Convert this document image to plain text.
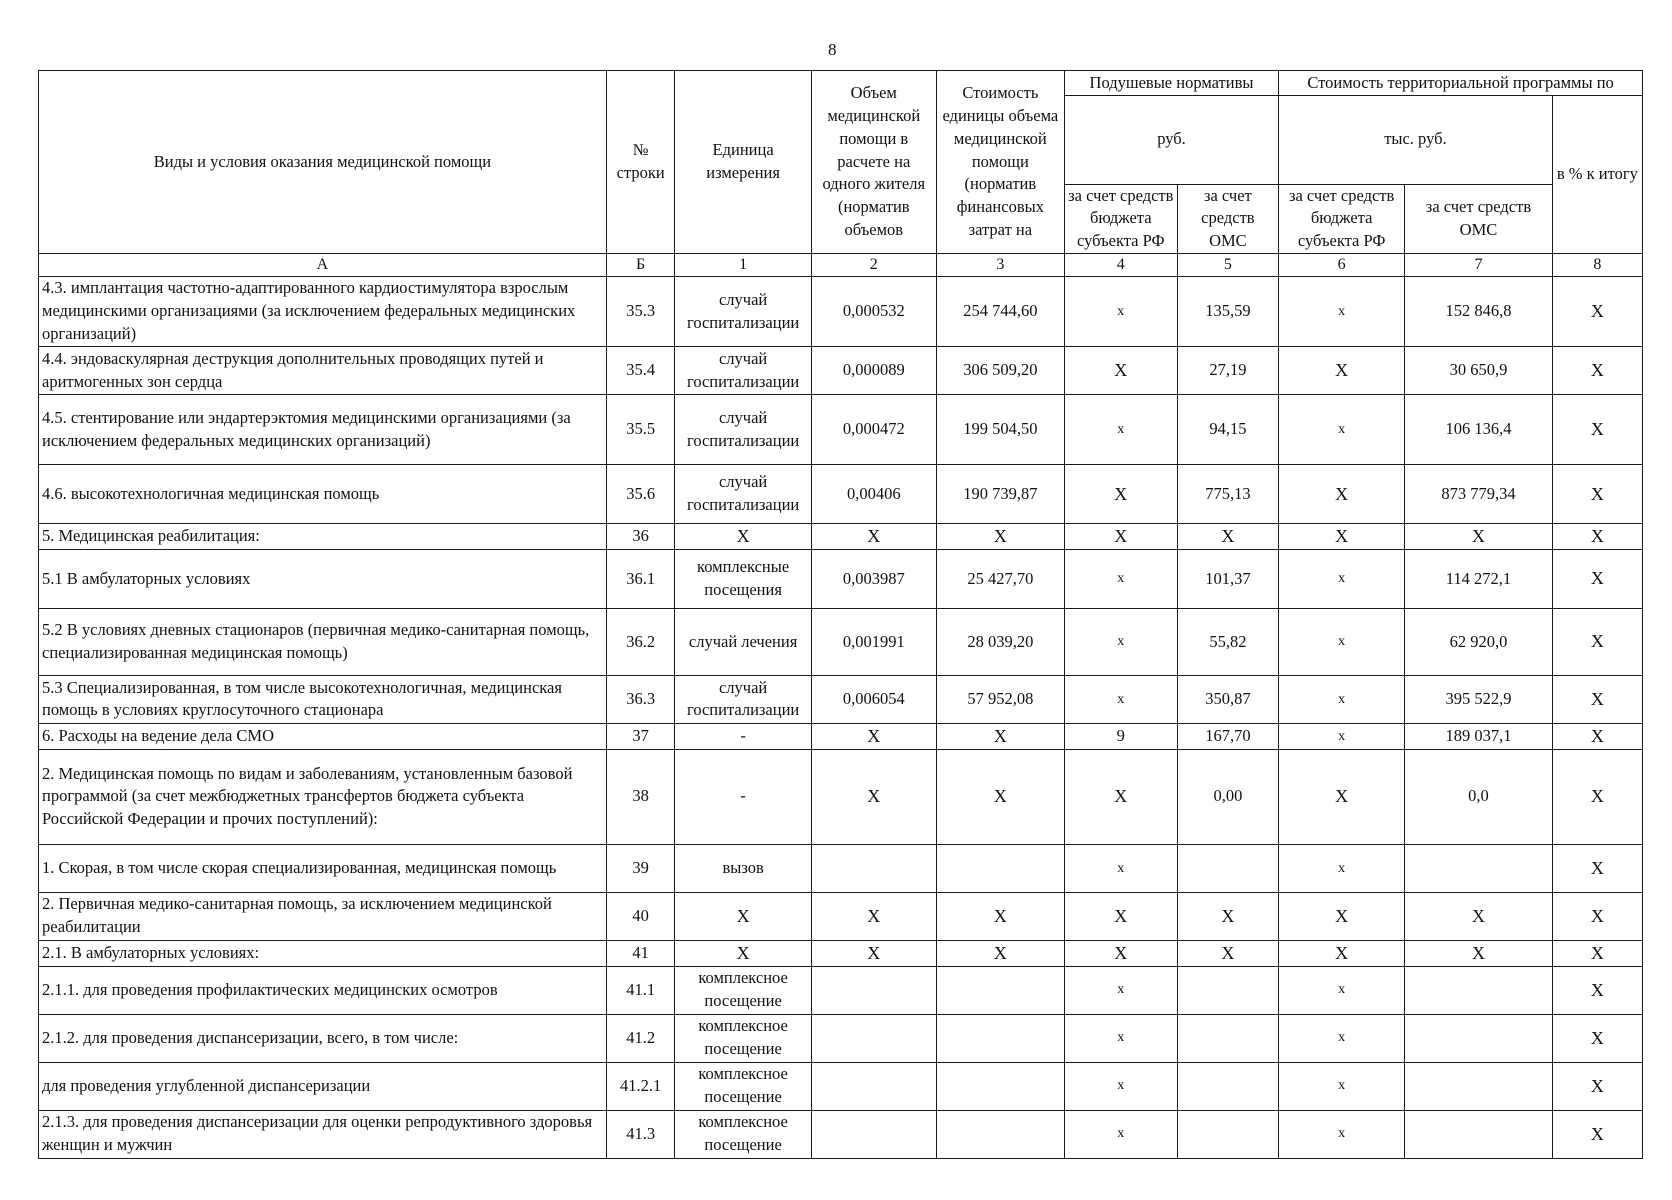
8
Виды и условия оказания медицинской помощи	№ строки	Единица измерения	Объем медицинской помощи в расчете на одного жителя (норматив объемов	Стоимость единицы объема медицинской помощи (норматив финансовых затрат на	Подушевые нормативы		Стоимость территориальной программы по		
					руб.		тыс. руб.		в % к итогу
					за счет средств бюджета субъекта РФ	за счет средств ОМС	за счет средств бюджета субъекта РФ	за счет средств ОМС	
А	Б	1	2	3	4	5	6	7	8
4.3. имплантация частотно-адаптированного кардиостимулятора взрослым медицинскими организациями (за исключением федеральных медицинских организаций)	35.3	случай госпитализации	0,000532	254 744,60	x	135,59	x	152 846,8	X
4.4. эндоваскулярная деструкция дополнительных проводящих путей и аритмогенных зон сердца	35.4	случай госпитализации	0,000089	306 509,20	X	27,19	X	30 650,9	X
4.5. стентирование или эндартерэктомия медицинскими организациями (за исключением федеральных медицинских организаций)	35.5	случай госпитализации	0,000472	199 504,50	x	94,15	x	106 136,4	X
4.6. высокотехнологичная медицинская помощь	35.6	случай госпитализации	0,00406	190 739,87	X	775,13	X	873 779,34	X
5. Медицинская реабилитация:	36	X	X	X	X	X	X	X	X
5.1 В амбулаторных условиях	36.1	комплексные посещения	0,003987	25 427,70	x	101,37	x	114 272,1	X
5.2 В условиях дневных стационаров (первичная медико-санитарная помощь, специализированная медицинская помощь)	36.2	случай лечения	0,001991	28 039,20	x	55,82	x	62 920,0	X
5.3 Специализированная, в том числе высокотехнологичная, медицинская помощь в условиях круглосуточного стационара	36.3	случай госпитализации	0,006054	57 952,08	x	350,87	x	395 522,9	X
6. Расходы на ведение дела СМО	37	-	X	X	9	167,70	x	189 037,1	X
2. Медицинская помощь по видам и заболеваниям, установленным базовой программой (за счет межбюджетных трансфертов бюджета субъекта Российской Федерации и прочих поступлений):	38	-	X	X	X	0,00	X	0,0	X
1. Скорая, в том числе скорая специализированная, медицинская помощь	39	вызов			x		x		X
2. Первичная медико-санитарная помощь, за исключением медицинской реабилитации	40	X	X	X	X	X	X	X	X
2.1. В амбулаторных условиях:	41	X	X	X	X	X	X	X	X
2.1.1. для проведения профилактических медицинских осмотров	41.1	комплексное посещение			x		x		X
2.1.2. для проведения диспансеризации, всего, в том числе:	41.2	комплексное посещение			x		x		X
для проведения углубленной диспансеризации	41.2.1	комплексное посещение			x		x		X
2.1.3. для проведения диспансеризации для оценки репродуктивного здоровья женщин и мужчин	41.3	комплексное посещение			x		x		X
